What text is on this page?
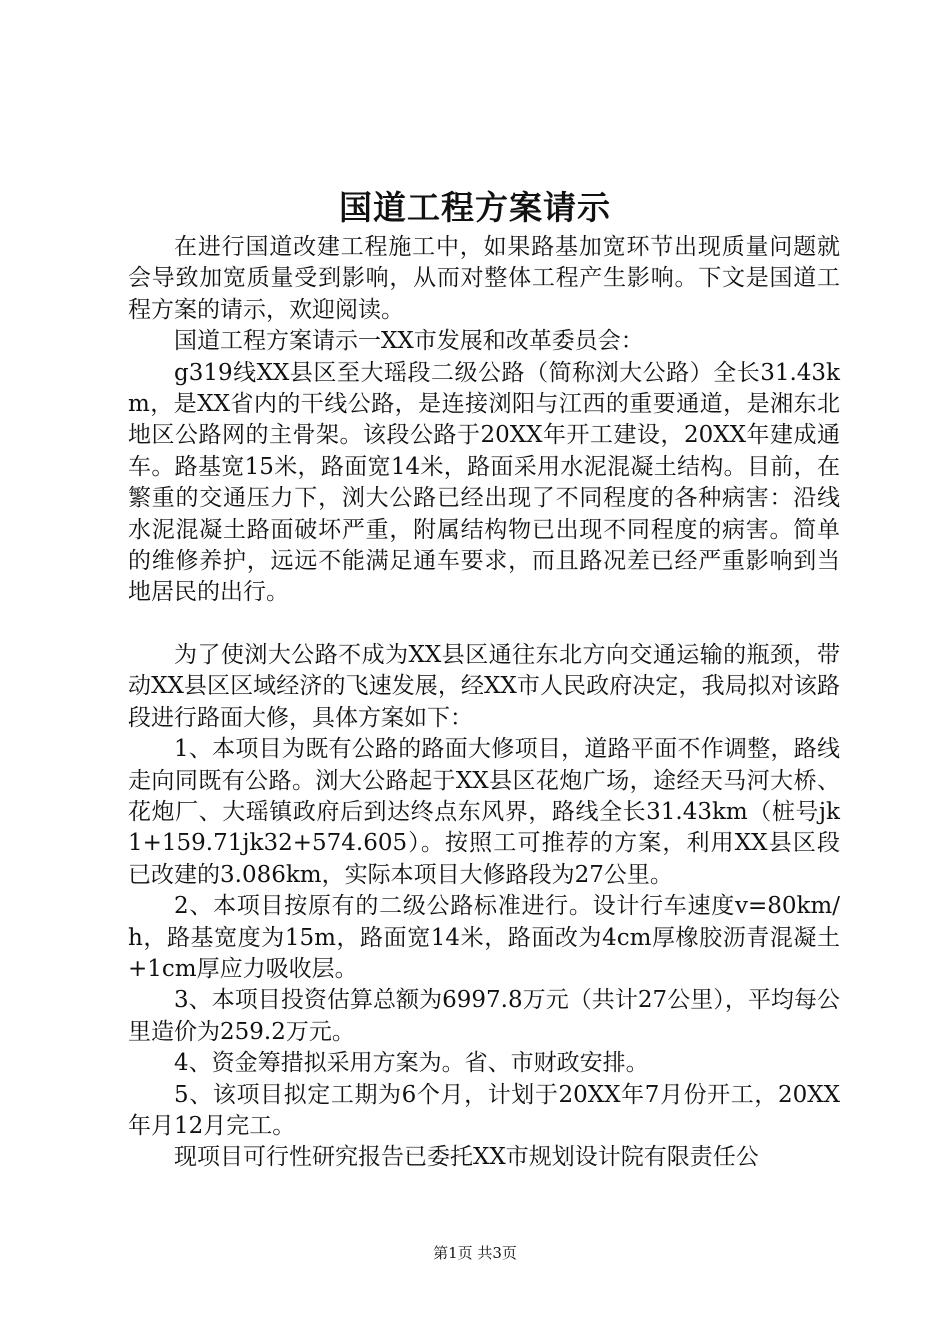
国道工程方案请示

在进行国道改建工程施工中，如果路基加宽环节出现质量问题就会导致加宽质量受到影响，从而对整体工程产生影响。下文是国道工程方案的请示，欢迎阅读。

国道工程方案请示一XX市发展和改革委员会：

g319线XX县区至大瑶段二级公路（简称浏大公路）全长31.43km，是XX省内的干线公路，是连接浏阳与江西的重要通道，是湘东北地区公路网的主骨架。该段公路于20XX年开工建设，20XX年建成通车。路基宽15米，路面宽14米，路面采用水泥混凝土结构。目前，在繁重的交通压力下，浏大公路已经出现了不同程度的各种病害：沿线水泥混凝土路面破坏严重，附属结构物已出现不同程度的病害。简单的维修养护，远远不能满足通车要求，而且路况差已经严重影响到当地居民的出行。

为了使浏大公路不成为XX县区通往东北方向交通运输的瓶颈，带动XX县区区域经济的飞速发展，经XX市人民政府决定，我局拟对该路段进行路面大修，具体方案如下：

1、本项目为既有公路的路面大修项目，道路平面不作调整，路线走向同既有公路。浏大公路起于XX县区花炮广场，途经天马河大桥、花炮厂、大瑶镇政府后到达终点东风界，路线全长31.43km（桩号jk1+159.71jk32+574.605）。按照工可推荐的方案，利用XX县区段已改建的3.086km，实际本项目大修路段为27公里。

2、本项目按原有的二级公路标准进行。设计行车速度v=80km/h，路基宽度为15m，路面宽14米，路面改为4cm厚橡胶沥青混凝土+1cm厚应力吸收层。

3、本项目投资估算总额为6997.8万元（共计27公里），平均每公里造价为259.2万元。

4、资金筹措拟采用方案为。省、市财政安排。

5、该项目拟定工期为6个月，计划于20XX年7月份开工，20XX年月12月完工。

现项目可行性研究报告已委托XX市规划设计院有限责任公

第1页 共3页
